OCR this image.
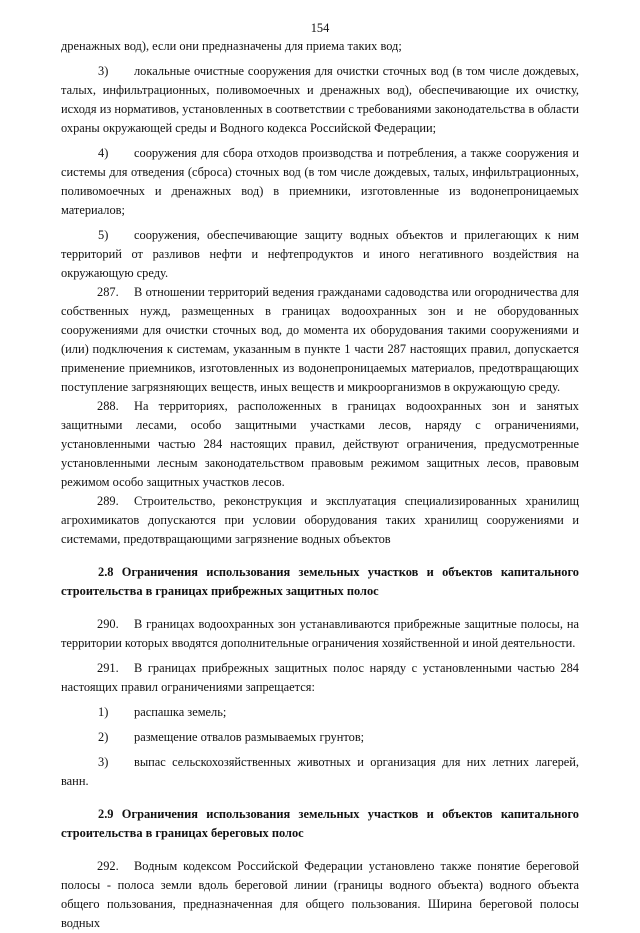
154

дренажных вод), если они предназначены для приема таких вод;

3) локальные очистные сооружения для очистки сточных вод (в том числе дождевых, талых, инфильтрационных, поливомоечных и дренажных вод), обеспечивающие их очистку, исходя из нормативов, установленных в соответствии с требованиями законодательства в области охраны окружающей среды и Водного кодекса Российской Федерации;

4) сооружения для сбора отходов производства и потребления, а также сооружения и системы для отведения (сброса) сточных вод (в том числе дождевых, талых, инфильтрационных, поливомоечных и дренажных вод) в приемники, изготовленные из водонепроницаемых материалов;

5) сооружения, обеспечивающие защиту водных объектов и прилегающих к ним территорий от разливов нефти и нефтепродуктов и иного негативного воздействия на окружающую среду.

287. В отношении территорий ведения гражданами садоводства или огородничества для собственных нужд, размещенных в границах водоохранных зон и не оборудованных сооружениями для очистки сточных вод, до момента их оборудования такими сооружениями и (или) подключения к системам, указанным в пункте 1 части 287 настоящих правил, допускается применение приемников, изготовленных из водонепроницаемых материалов, предотвращающих поступление загрязняющих веществ, иных веществ и микроорганизмов в окружающую среду.

288. На территориях, расположенных в границах водоохранных зон и занятых защитными лесами, особо защитными участками лесов, наряду с ограничениями, установленными частью 284 настоящих правил, действуют ограничения, предусмотренные установленными лесным законодательством правовым режимом защитных лесов, правовым режимом особо защитных участков лесов.

289. Строительство, реконструкция и эксплуатация специализированных хранилищ агрохимикатов допускаются при условии оборудования таких хранилищ сооружениями и системами, предотвращающими загрязнение водных объектов

2.8 Ограничения использования земельных участков и объектов капитального строительства в границах прибрежных защитных полос

290. В границах водоохранных зон устанавливаются прибрежные защитные полосы, на территории которых вводятся дополнительные ограничения хозяйственной и иной деятельности.

291. В границах прибрежных защитных полос наряду с установленными частью 284 настоящих правил ограничениями запрещается:

1) распашка земель;

2) размещение отвалов размываемых грунтов;

3) выпас сельскохозяйственных животных и организация для них летних лагерей, ванн.

2.9 Ограничения использования земельных участков и объектов капитального строительства в границах береговых полос

292. Водным кодексом Российской Федерации установлено также понятие береговой полосы - полоса земли вдоль береговой линии (границы водного объекта) водного объекта общего пользования, предназначенная для общего пользования. Ширина береговой полосы водных
